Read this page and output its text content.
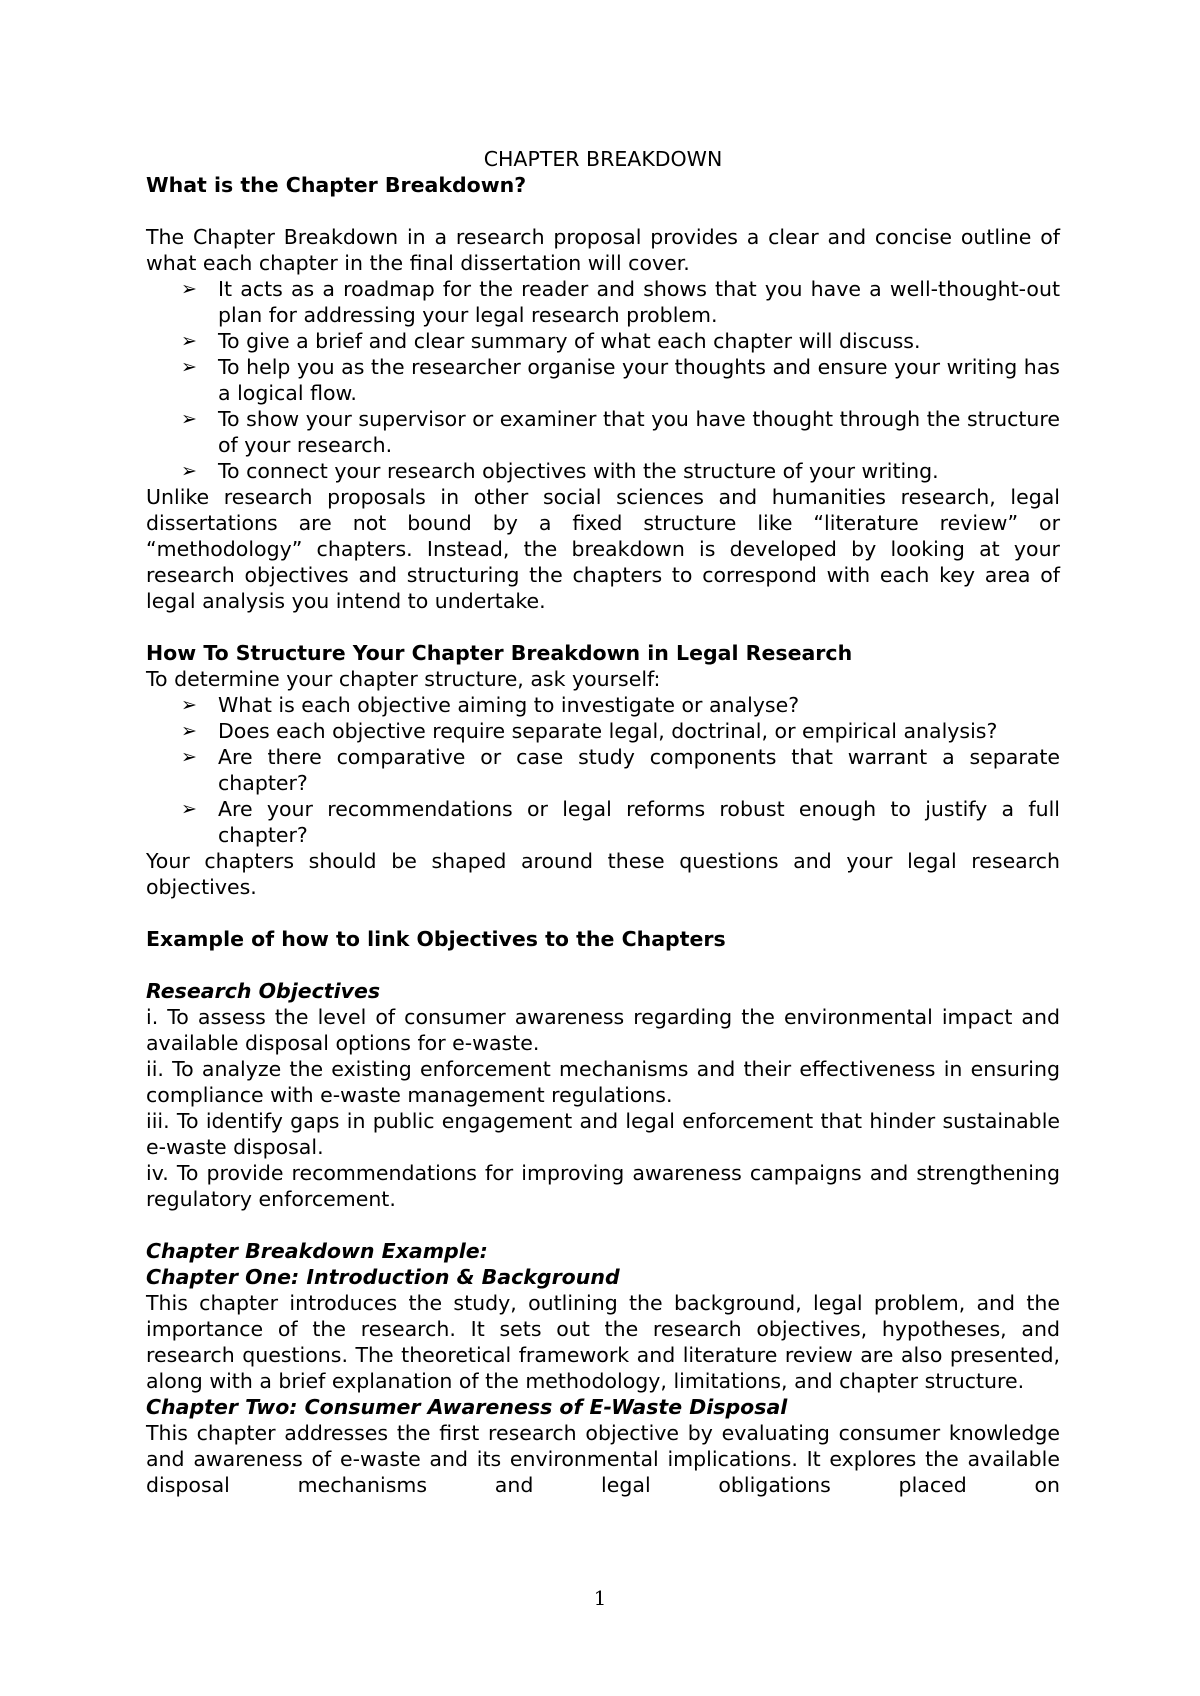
CHAPTER BREAKDOWN
What is the Chapter Breakdown?

The Chapter Breakdown in a research proposal provides a clear and concise outline of what each chapter in the final dissertation will cover.

➢ It acts as a roadmap for the reader and shows that you have a well-thought-out plan for addressing your legal research problem.
➢ To give a brief and clear summary of what each chapter will discuss.
➢ To help you as the researcher organise your thoughts and ensure your writing has a logical flow.
➢ To show your supervisor or examiner that you have thought through the structure of your research.
➢ To connect your research objectives with the structure of your writing.

Unlike research proposals in other social sciences and humanities research, legal dissertations are not bound by a fixed structure like “literature review” or “methodology” chapters. Instead, the breakdown is developed by looking at your research objectives and structuring the chapters to correspond with each key area of legal analysis you intend to undertake.

How To Structure Your Chapter Breakdown in Legal Research

To determine your chapter structure, ask yourself:

➢ What is each objective aiming to investigate or analyse?
➢ Does each objective require separate legal, doctrinal, or empirical analysis?
➢ Are there comparative or case study components that warrant a separate chapter?
➢ Are your recommendations or legal reforms robust enough to justify a full chapter?

Your chapters should be shaped around these questions and your legal research objectives.

Example of how to link Objectives to the Chapters
Research Objectives

i. To assess the level of consumer awareness regarding the environmental impact and available disposal options for e-waste.

ii. To analyze the existing enforcement mechanisms and their effectiveness in ensuring compliance with e-waste management regulations.

iii. To identify gaps in public engagement and legal enforcement that hinder sustainable e-waste disposal.

iv. To provide recommendations for improving awareness campaigns and strengthening regulatory enforcement.

Chapter Breakdown Example:
Chapter One: Introduction & Background

This chapter introduces the study, outlining the background, legal problem, and the importance of the research. It sets out the research objectives, hypotheses, and research questions. The theoretical framework and literature review are also presented, along with a brief explanation of the methodology, limitations, and chapter structure.

Chapter Two: Consumer Awareness of E-Waste Disposal

This chapter addresses the first research objective by evaluating consumer knowledge and awareness of e-waste and its environmental implications. It explores the available disposal mechanisms and legal obligations placed on

1
